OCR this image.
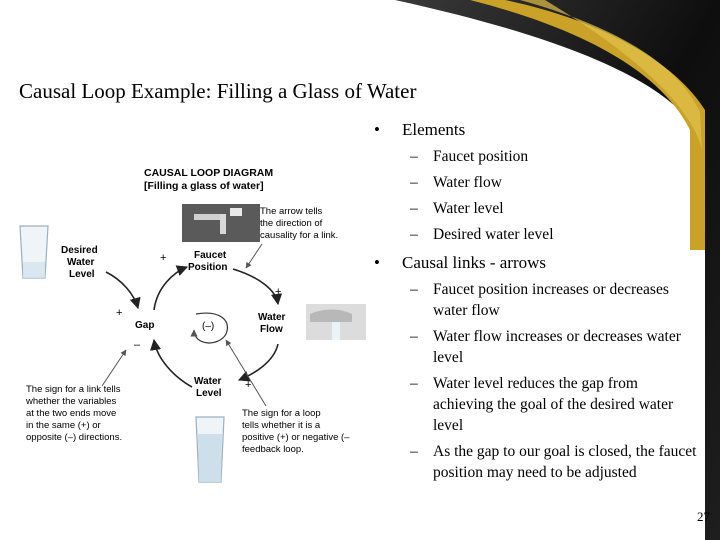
Causal Loop Example: Filling a Glass of Water
CAUSAL LOOP DIAGRAM
[Filling a glass of water]
(–)
Desired
Water
Level
Faucet
Position
Water
Flow
Water
Level
Gap
+
+
+
+
–
The arrow tells the direction of causality for a link.
The sign for a link tells whether the variables at the two ends move in the same (+) or opposite (–) directions.
The sign for a loop tells whether it is a positive (+) or negative (– feedback loop.
• Elements
– Faucet position
– Water flow
– Water level
– Desired water level
• Causal links - arrows
– Faucet position increases or decreases water flow
– Water flow increases or decreases water level
– Water level reduces the gap from achieving the goal of the desired water level
– As the gap to our goal is closed, the faucet position may need to be adjusted
27
